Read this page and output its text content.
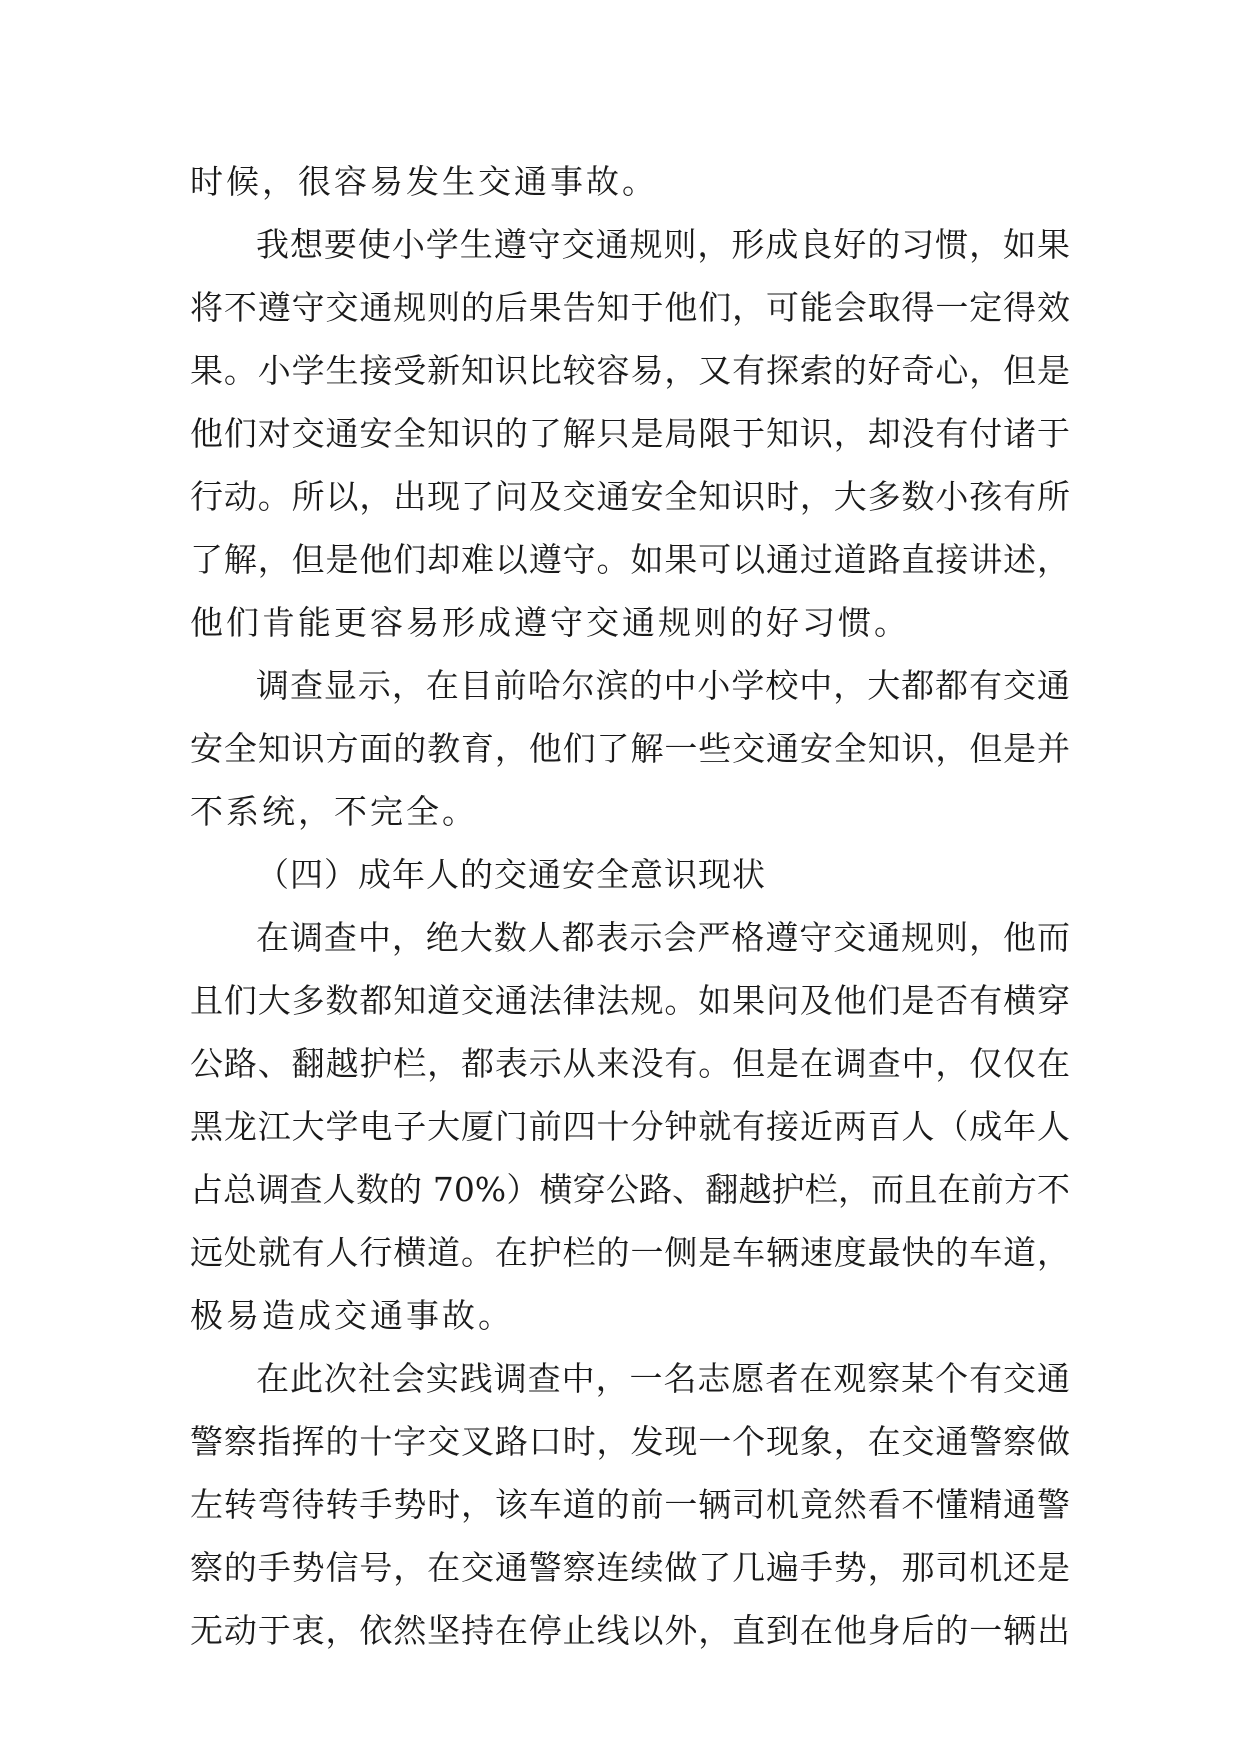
时候，很容易发生交通事故。
我想要使小学生遵守交通规则，形成良好的习惯，如果
将不遵守交通规则的后果告知于他们，可能会取得一定得效
果。小学生接受新知识比较容易，又有探索的好奇心，但是
他们对交通安全知识的了解只是局限于知识，却没有付诸于
行动。所以，出现了问及交通安全知识时，大多数小孩有所
了解，但是他们却难以遵守。如果可以通过道路直接讲述，
他们肯能更容易形成遵守交通规则的好习惯。
调查显示，在目前哈尔滨的中小学校中，大都都有交通
安全知识方面的教育，他们了解一些交通安全知识，但是并
不系统，不完全。
（四）成年人的交通安全意识现状
在调查中，绝大数人都表示会严格遵守交通规则，他而
且们大多数都知道交通法律法规。如果问及他们是否有横穿
公路、翻越护栏，都表示从来没有。但是在调查中，仅仅在
黑龙江大学电子大厦门前四十分钟就有接近两百人（成年人
占总调查人数的 70%）横穿公路、翻越护栏，而且在前方不
远处就有人行横道。在护栏的一侧是车辆速度最快的车道，
极易造成交通事故。
在此次社会实践调查中，一名志愿者在观察某个有交通
警察指挥的十字交叉路口时，发现一个现象，在交通警察做
左转弯待转手势时，该车道的前一辆司机竟然看不懂精通警
察的手势信号，在交通警察连续做了几遍手势，那司机还是
无动于衷，依然坚持在停止线以外，直到在他身后的一辆出
